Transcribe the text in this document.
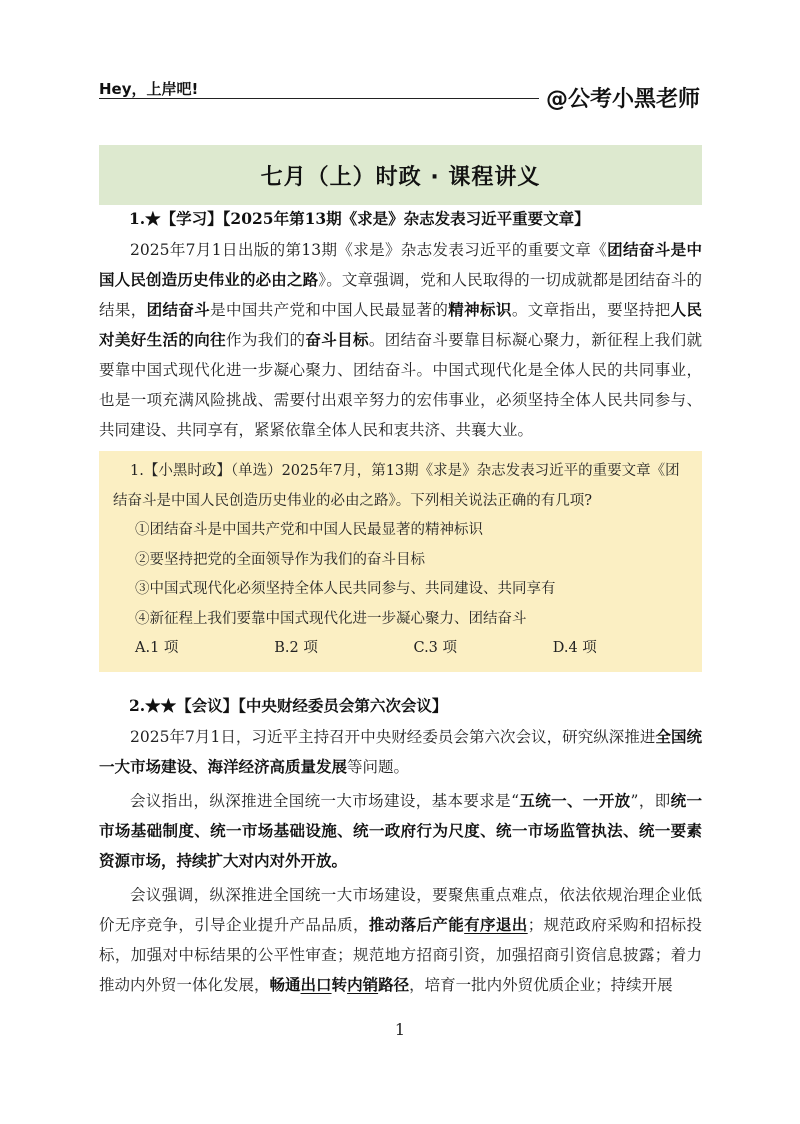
Hey，上岸吧!	@公考小黑老师
七月（上）时政 · 课程讲义

1.★【学习】【2025年第13期《求是》杂志发表习近平重要文章】

2025年7月1日出版的第13期《求是》杂志发表习近平的重要文章《团结奋斗是中国人民创造历史伟业的必由之路》。文章强调，党和人民取得的一切成就都是团结奋斗的结果，团结奋斗是中国共产党和中国人民最显著的精神标识。文章指出，要坚持把人民对美好生活的向往作为我们的奋斗目标。团结奋斗要靠目标凝心聚力，新征程上我们就要靠中国式现代化进一步凝心聚力、团结奋斗。中国式现代化是全体人民的共同事业，也是一项充满风险挑战、需要付出艰辛努力的宏伟事业，必须坚持全体人民共同参与、共同建设、共同享有，紧紧依靠全体人民和衷共济、共襄大业。

1.【小黑时政】（单选）2025年7月，第13期《求是》杂志发表习近平的重要文章《团结奋斗是中国人民创造历史伟业的必由之路》。下列相关说法正确的有几项?

①团结奋斗是中国共产党和中国人民最显著的精神标识

②要坚持把党的全面领导作为我们的奋斗目标

③中国式现代化必须坚持全体人民共同参与、共同建设、共同享有

④新征程上我们要靠中国式现代化进一步凝心聚力、团结奋斗

A.1 项	B.2 项	C.3 项	D.4 项

2.★★【会议】【中央财经委员会第六次会议】

2025年7月1日，习近平主持召开中央财经委员会第六次会议，研究纵深推进全国统一大市场建设、海洋经济高质量发展等问题。

会议指出，纵深推进全国统一大市场建设，基本要求是“五统一、一开放”，即统一市场基础制度、统一市场基础设施、统一政府行为尺度、统一市场监管执法、统一要素资源市场，持续扩大对内对外开放。

会议强调，纵深推进全国统一大市场建设，要聚焦重点难点，依法依规治理企业低价无序竞争，引导企业提升产品品质，推动落后产能有序退出；规范政府采购和招标投标，加强对中标结果的公平性审查；规范地方招商引资，加强招商引资信息披露；着力推动内外贸一体化发展，畅通出口转内销路径，培育一批内外贸优质企业；持续开展

1
